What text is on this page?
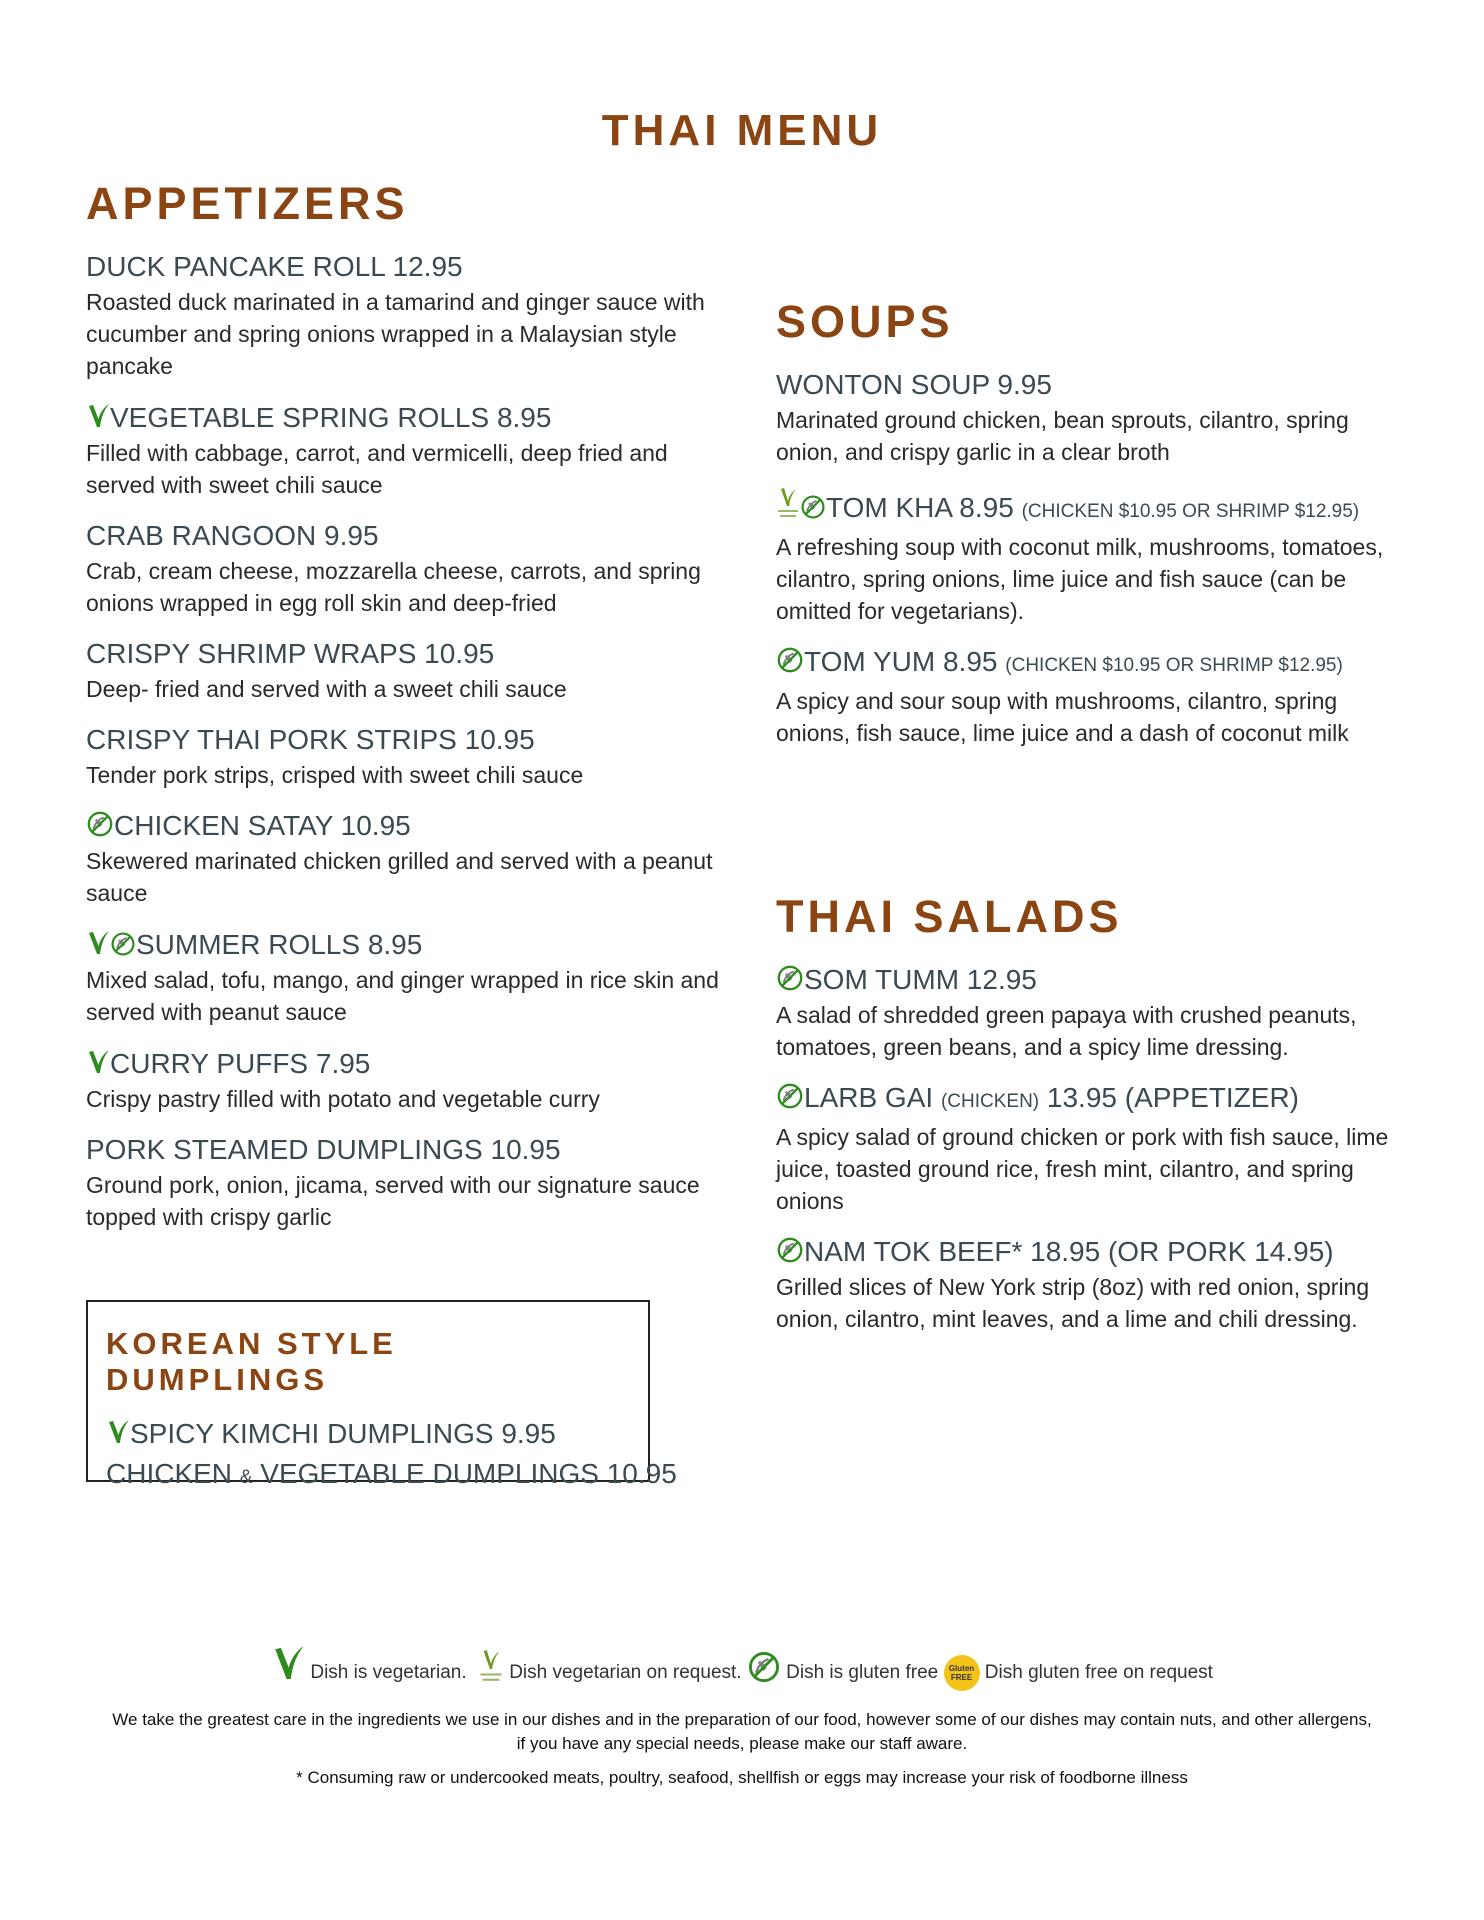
THAI MENU
APPETIZERS
DUCK PANCAKE ROLL 12.95
Roasted duck marinated in a tamarind and ginger sauce with cucumber and spring onions wrapped in a Malaysian style pancake
VEGETABLE SPRING ROLLS 8.95
Filled with cabbage, carrot, and vermicelli, deep fried and served with sweet chili sauce
CRAB RANGOON 9.95
Crab, cream cheese, mozzarella cheese, carrots, and spring onions wrapped in egg roll skin and deep-fried
CRISPY SHRIMP WRAPS 10.95
Deep- fried and served with a sweet chili sauce
CRISPY THAI PORK STRIPS 10.95
Tender pork strips, crisped with sweet chili sauce
CHICKEN SATAY 10.95
Skewered marinated chicken grilled and served with a peanut sauce
SUMMER ROLLS 8.95
Mixed salad, tofu, mango, and ginger wrapped in rice skin and served with peanut sauce
CURRY PUFFS 7.95
Crispy pastry filled with potato and vegetable curry
PORK STEAMED DUMPLINGS 10.95
Ground pork, onion, jicama, served with our signature sauce topped with crispy garlic
KOREAN STYLE DUMPLINGS
SPICY KIMCHI DUMPLINGS 9.95
CHICKEN & VEGETABLE DUMPLINGS 10.95
SOUPS
WONTON SOUP 9.95
Marinated ground chicken, bean sprouts, cilantro, spring onion, and crispy garlic in a clear broth
TOM KHA 8.95 (CHICKEN $10.95 OR SHRIMP $12.95)
A refreshing soup with coconut milk, mushrooms, tomatoes, cilantro, spring onions, lime juice and fish sauce (can be omitted for vegetarians).
TOM YUM 8.95 (CHICKEN $10.95 OR SHRIMP $12.95)
A spicy and sour soup with mushrooms, cilantro, spring onions, fish sauce, lime juice and a dash of coconut milk
THAI SALADS
SOM TUMM 12.95
A salad of shredded green papaya with crushed peanuts, tomatoes, green beans, and a spicy lime dressing.
LARB GAI (CHICKEN) 13.95 (APPETIZER)
A spicy salad of ground chicken or pork with fish sauce, lime juice, toasted ground rice, fresh mint, cilantro, and spring onions
NAM TOK BEEF* 18.95 (OR PORK 14.95)
Grilled slices of New York strip (8oz) with red onion, spring onion, cilantro, mint leaves, and a lime and chili dressing.
Dish is vegetarian. Dish vegetarian on request. Dish is gluten free	Gluten FREE Dish gluten free on request
We take the greatest care in the ingredients we use in our dishes and in the preparation of our food, however some of our dishes may contain nuts, and other allergens, if you have any special needs, please make our staff aware.
* Consuming raw or undercooked meats, poultry, seafood, shellfish or eggs may increase your risk of foodborne illness
